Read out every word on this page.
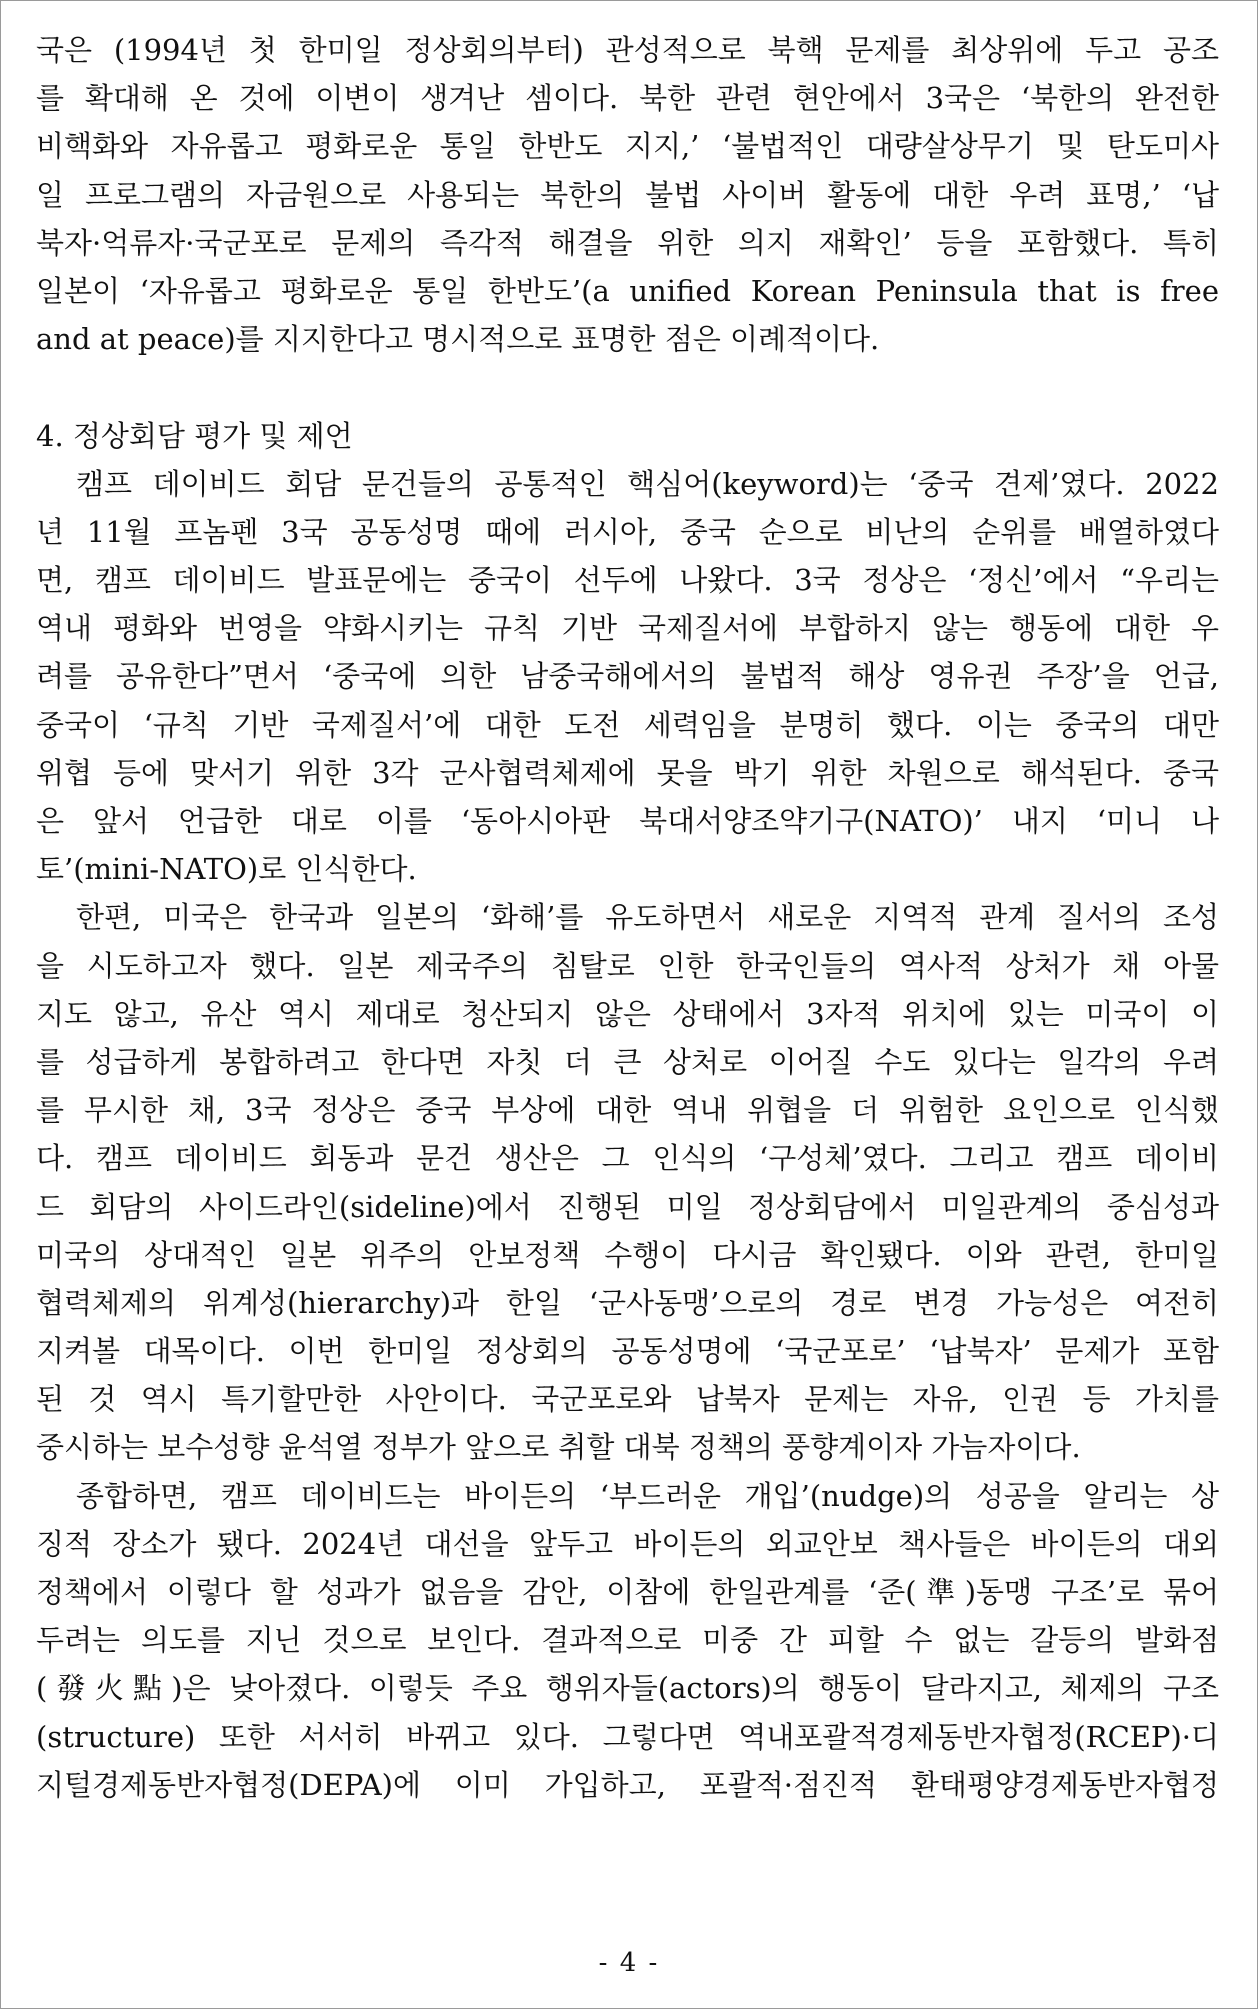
국은 (1994년 첫 한미일 정상회의부터) 관성적으로 북핵 문제를 최상위에 두고 공조
를 확대해 온 것에 이변이 생겨난 셈이다. 북한 관련 현안에서 3국은 ‘북한의 완전한
비핵화와 자유롭고 평화로운 통일 한반도 지지,’ ‘불법적인 대량살상무기 및 탄도미사
일 프로그램의 자금원으로 사용되는 북한의 불법 사이버 활동에 대한 우려 표명,’ ‘납
북자·억류자·국군포로 문제의 즉각적 해결을 위한 의지 재확인’ 등을 포함했다. 특히
일본이 ‘자유롭고 평화로운 통일 한반도’(a unified Korean Peninsula that is free
and at peace)를 지지한다고 명시적으로 표명한 점은 이례적이다.
4. 정상회담 평가 및 제언
캠프 데이비드 회담 문건들의 공통적인 핵심어(keyword)는 ‘중국 견제’였다. 2022
년 11월 프놈펜 3국 공동성명 때에 러시아, 중국 순으로 비난의 순위를 배열하였다
면, 캠프 데이비드 발표문에는 중국이 선두에 나왔다. 3국 정상은 ‘정신’에서 “우리는
역내 평화와 번영을 약화시키는 규칙 기반 국제질서에 부합하지 않는 행동에 대한 우
려를 공유한다”면서 ‘중국에 의한 남중국해에서의 불법적 해상 영유권 주장’을 언급,
중국이 ‘규칙 기반 국제질서’에 대한 도전 세력임을 분명히 했다. 이는 중국의 대만
위협 등에 맞서기 위한 3각 군사협력체제에 못을 박기 위한 차원으로 해석된다. 중국
은 앞서 언급한 대로 이를 ‘동아시아판 북대서양조약기구(NATO)’ 내지 ‘미니 나
토’(mini-NATO)로 인식한다.
한편, 미국은 한국과 일본의 ‘화해’를 유도하면서 새로운 지역적 관계 질서의 조성
을 시도하고자 했다. 일본 제국주의 침탈로 인한 한국인들의 역사적 상처가 채 아물
지도 않고, 유산 역시 제대로 청산되지 않은 상태에서 3자적 위치에 있는 미국이 이
를 성급하게 봉합하려고 한다면 자칫 더 큰 상처로 이어질 수도 있다는 일각의 우려
를 무시한 채, 3국 정상은 중국 부상에 대한 역내 위협을 더 위험한 요인으로 인식했
다. 캠프 데이비드 회동과 문건 생산은 그 인식의 ‘구성체’였다. 그리고 캠프 데이비
드 회담의 사이드라인(sideline)에서 진행된 미일 정상회담에서 미일관계의 중심성과
미국의 상대적인 일본 위주의 안보정책 수행이 다시금 확인됐다. 이와 관련, 한미일
협력체제의 위계성(hierarchy)과 한일 ‘군사동맹’으로의 경로 변경 가능성은 여전히
지켜볼 대목이다. 이번 한미일 정상회의 공동성명에 ‘국군포로’ ‘납북자’ 문제가 포함
된 것 역시 특기할만한 사안이다. 국군포로와 납북자 문제는 자유, 인권 등 가치를
중시하는 보수성향 윤석열 정부가 앞으로 취할 대북 정책의 풍향계이자 가늠자이다.
종합하면, 캠프 데이비드는 바이든의 ‘부드러운 개입’(nudge)의 성공을 알리는 상
징적 장소가 됐다. 2024년 대선을 앞두고 바이든의 외교안보 책사들은 바이든의 대외
정책에서 이렇다 할 성과가 없음을 감안, 이참에 한일관계를 ‘준(準)동맹 구조’로 묶어
두려는 의도를 지닌 것으로 보인다. 결과적으로 미중 간 피할 수 없는 갈등의 발화점
(發火點)은 낮아졌다. 이렇듯 주요 행위자들(actors)의 행동이 달라지고, 체제의 구조
(structure) 또한 서서히 바뀌고 있다. 그렇다면 역내포괄적경제동반자협정(RCEP)·디
지털경제동반자협정(DEPA)에 이미 가입하고, 포괄적·점진적 환태평양경제동반자협정
- 4 -
